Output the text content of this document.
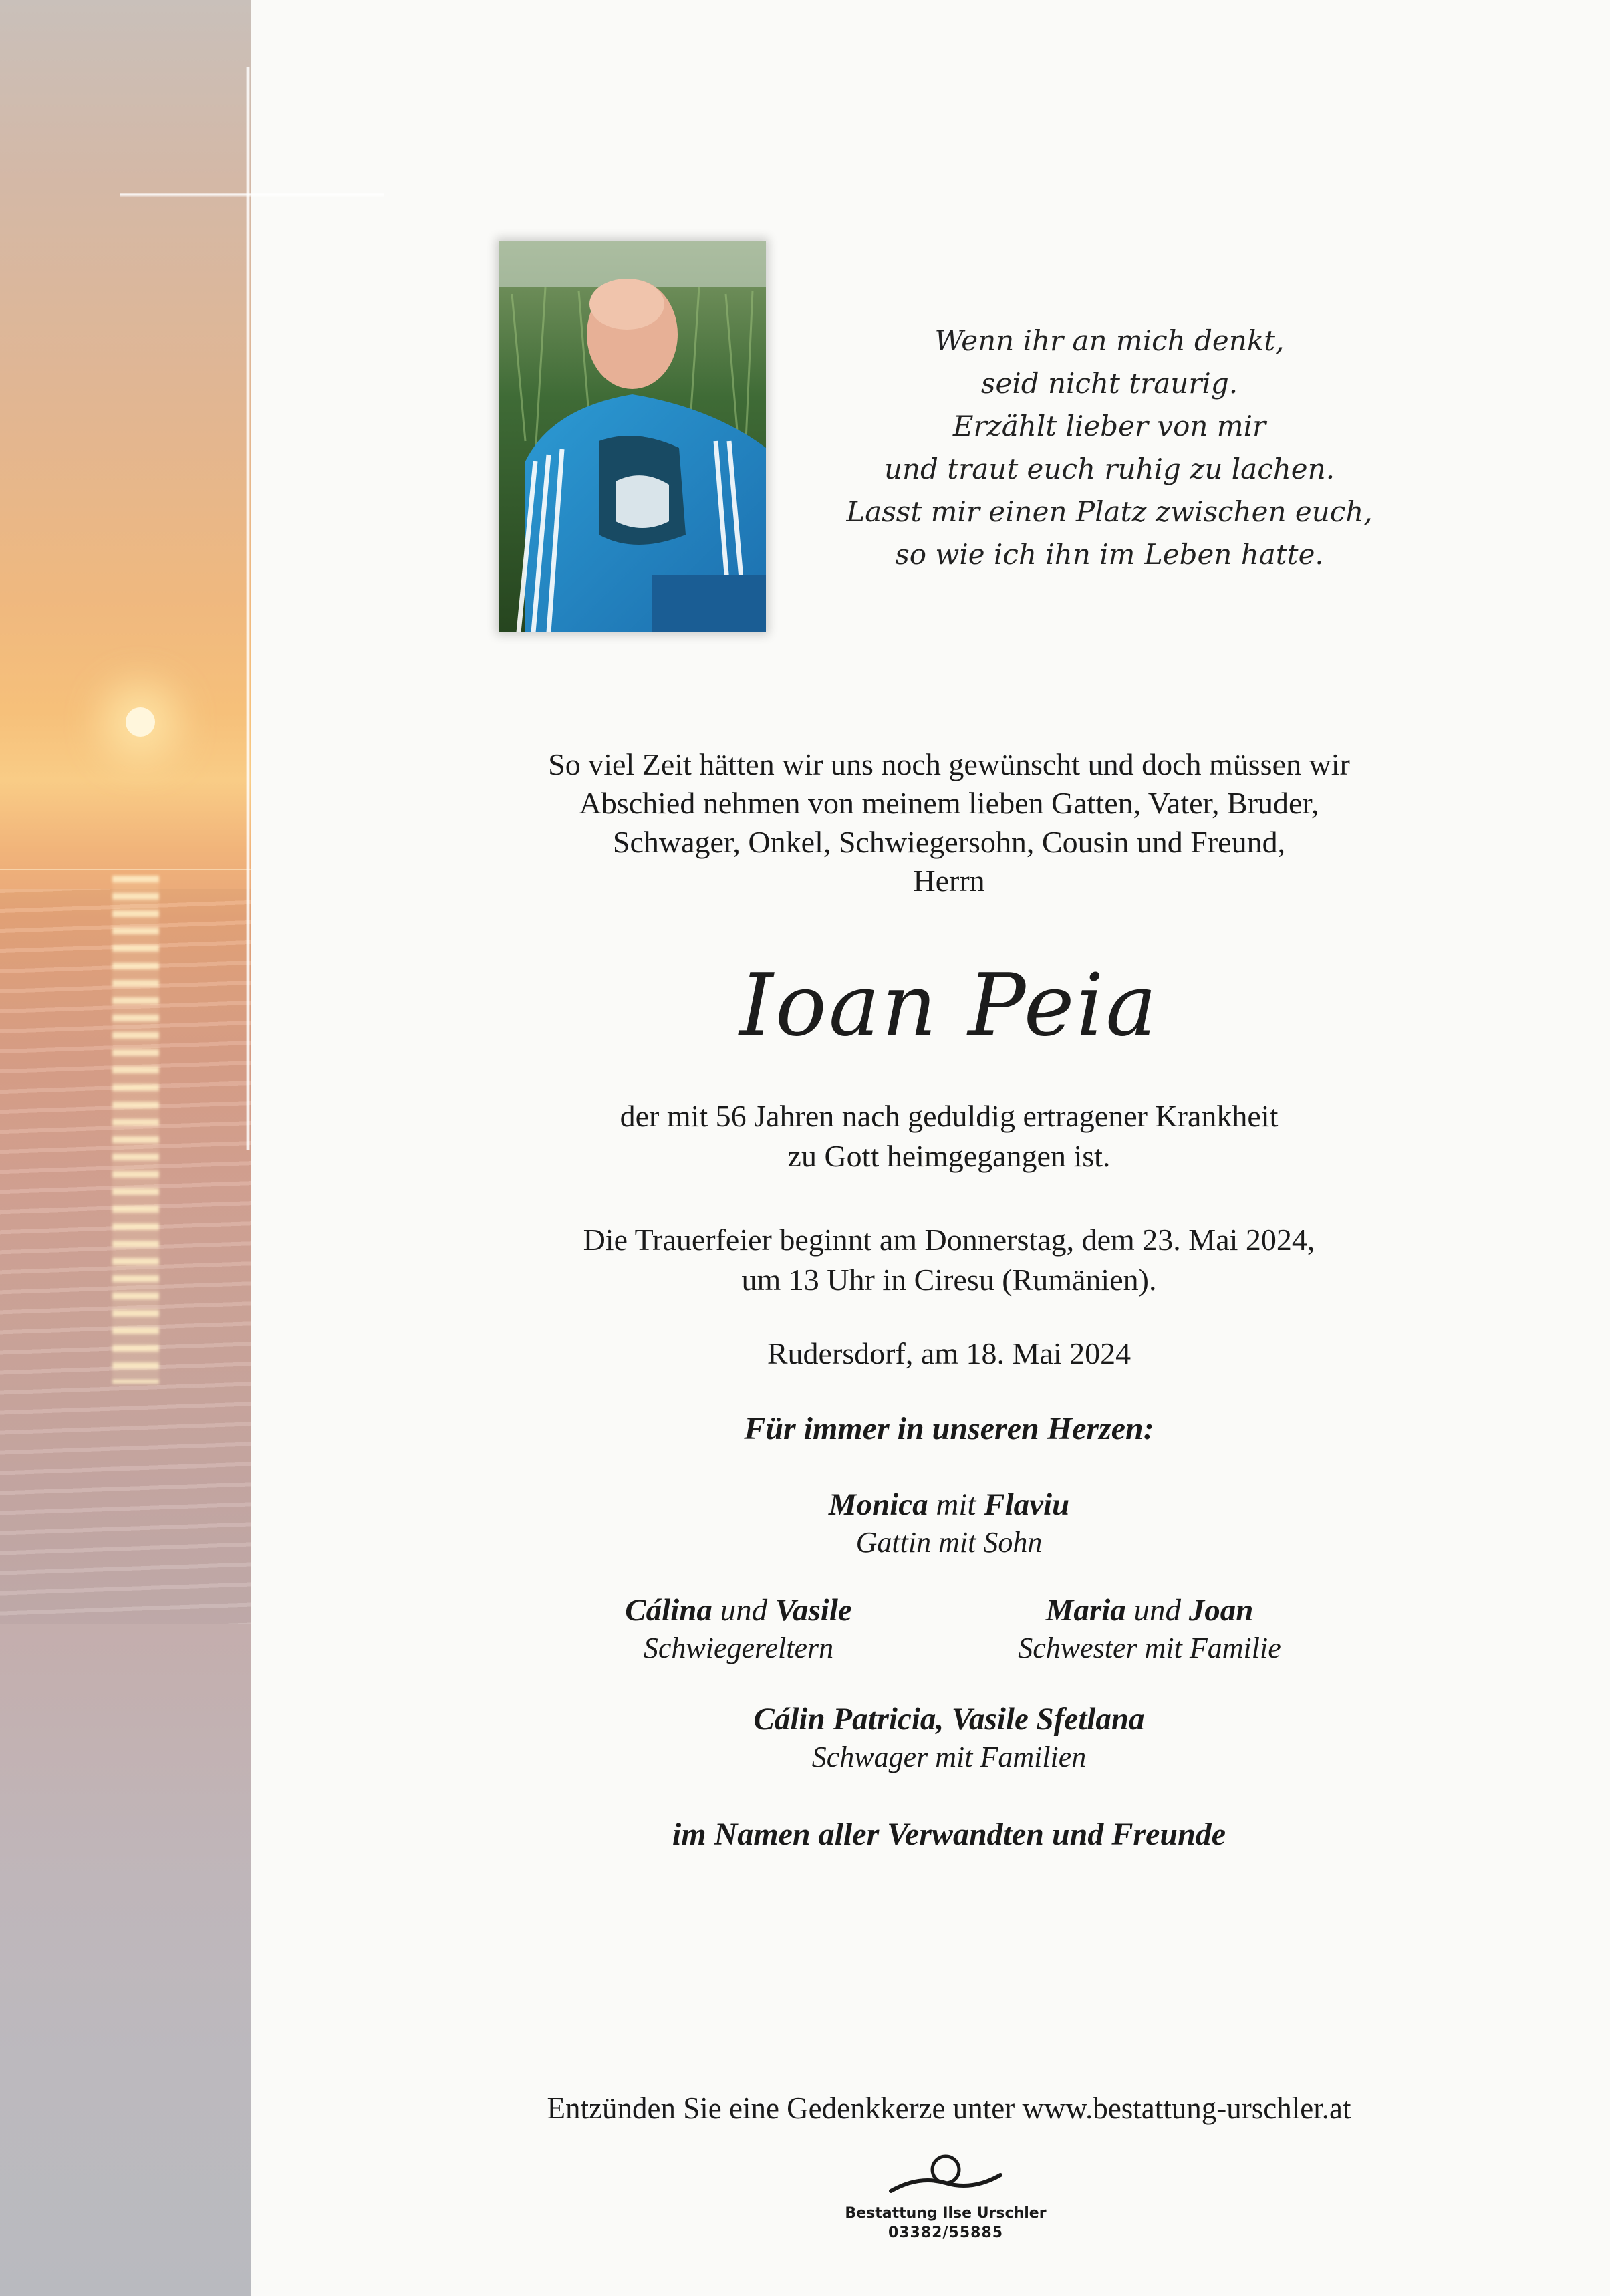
Wenn ihr an mich denkt,
seid nicht traurig.
Erzählt lieber von mir
und traut euch ruhig zu lachen.
Lasst mir einen Platz zwischen euch,
so wie ich ihn im Leben hatte.
So viel Zeit hätten wir uns noch gewünscht und doch müssen wir
Abschied nehmen von meinem lieben Gatten, Vater, Bruder,
Schwager, Onkel, Schwiegersohn, Cousin und Freund,
Herrn
Ioan Peia
der mit 56 Jahren nach geduldig ertragener Krankheit
zu Gott heimgegangen ist.
Die Trauerfeier beginnt am Donnerstag, dem 23. Mai 2024,
um 13 Uhr in Ciresu (Rumänien).
Rudersdorf, am 18. Mai 2024
Für immer in unseren Herzen:
Monica mit Flaviu
Gattin mit Sohn
Cálina und Vasile
Schwiegereltern
Maria und Joan
Schwester mit Familie
Cálin Patricia, Vasile Sfetlana
Schwager mit Familien
im Namen aller Verwandten und Freunde
Entzünden Sie eine Gedenkkerze unter www.bestattung-urschler.at
Bestattung Ilse Urschler
03382/55885
